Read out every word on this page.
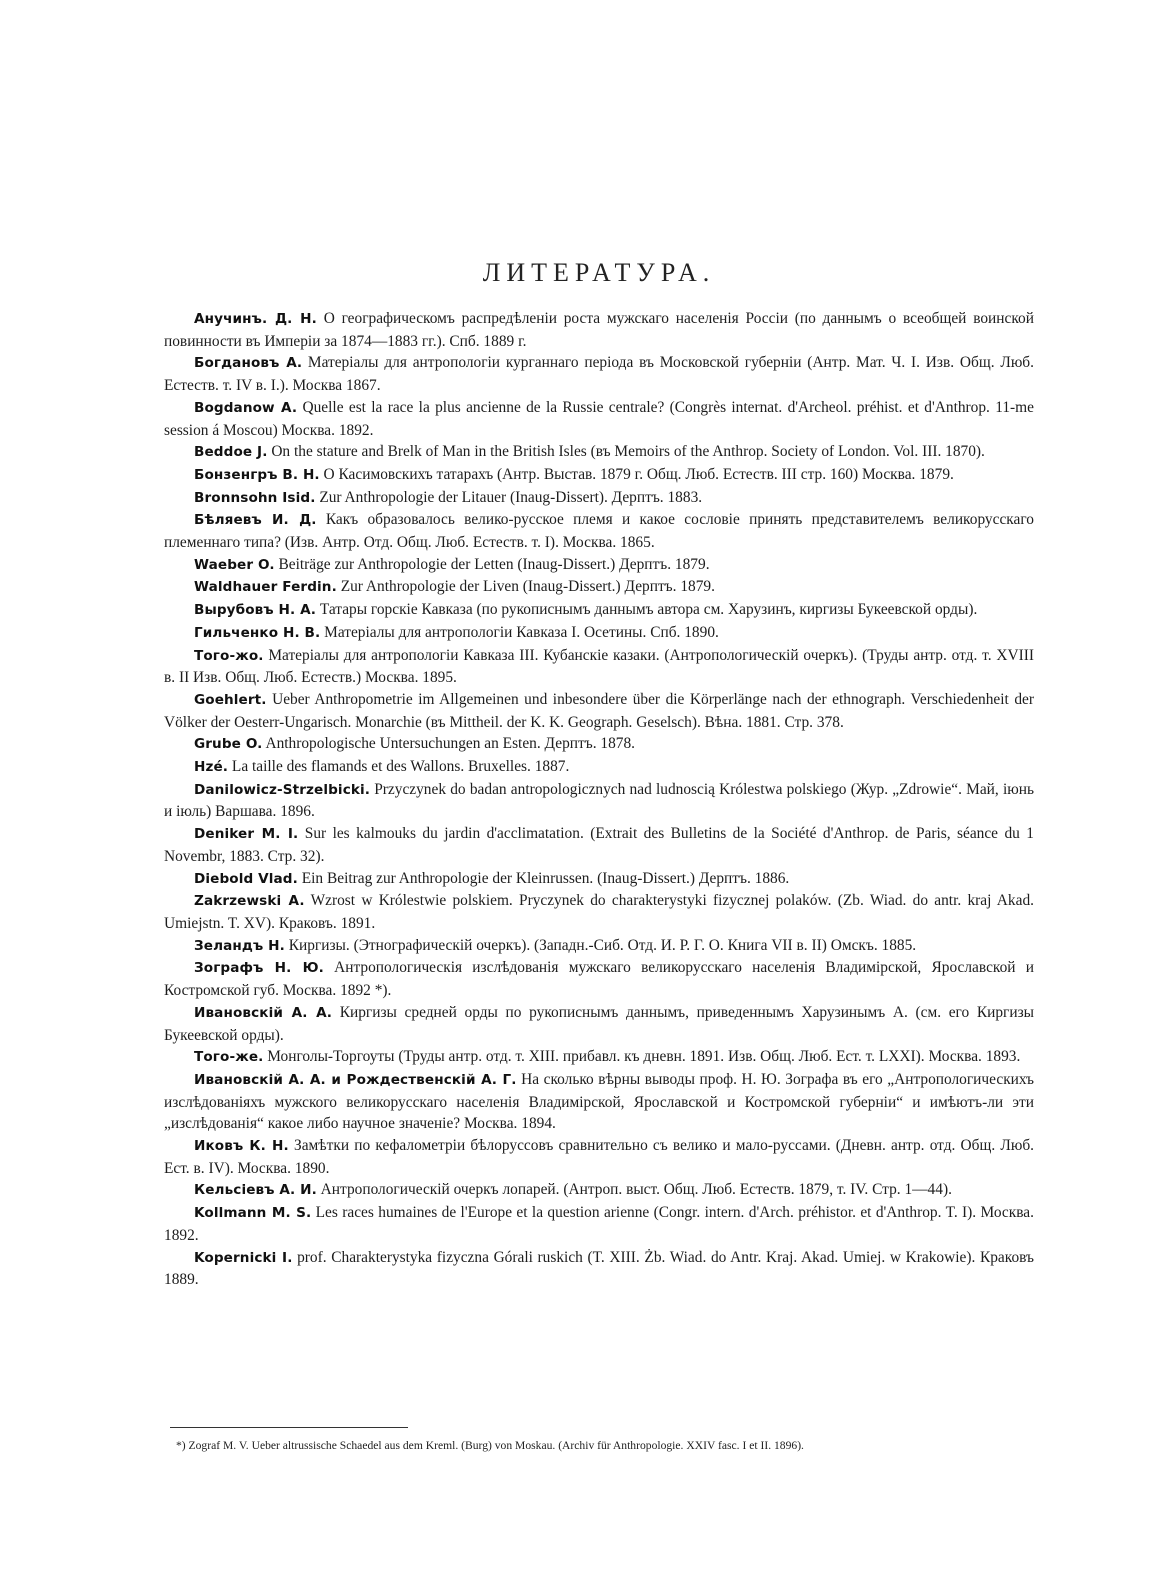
ЛИТЕРАТУРА.

Анучинъ. Д. Н. О географическомъ распредѣленіи роста мужскаго населенія Россіи (по даннымъ о всеобщей воинской повинности въ Имперіи за 1874—1883 гг.). Спб. 1889 г.

Богдановъ А. Матеріалы для антропологіи курганнаго періода въ Московской губерніи (Антр. Мат. Ч. I. Изв. Общ. Люб. Естеств. т. IV в. I.). Москва 1867.

Bogdanow A. Quelle est la race la plus ancienne de la Russie centrale? (Congrès internat. d'Archeol. préhist. et d'Anthrop. 11-me session á Moscou) Москва. 1892.

Beddoe J. On the stature and Brelk of Man in the British Isles (въ Memoirs of the Anthrop. Society of London. Vol. III. 1870).

Бонзенгръ В. Н. О Касимовскихъ татарахъ (Антр. Выстав. 1879 г. Общ. Люб. Естеств. III стр. 160) Москва. 1879.

Bronnsohn Isid. Zur Anthropologie der Litauer (Inaug-Dissert). Дерптъ. 1883.

Бѣляевъ И. Д. Какъ образовалось велико-русское племя и какое сословіе принять представителемъ великорусскаго племеннаго типа? (Изв. Антр. Отд. Общ. Люб. Естеств. т. I). Москва. 1865.

Waeber O. Beiträge zur Anthropologie der Letten (Inaug-Dissert.) Дерптъ. 1879.

Waldhauer Ferdin. Zur Anthropologie der Liven (Inaug-Dissert.) Дерптъ. 1879.

Вырубовъ Н. А. Татары горскіе Кавказа (по рукописнымъ даннымъ автора см. Харузинъ, киргизы Букеевской орды).

Гильченко Н. В. Матеріалы для антропологіи Кавказа I. Осетины. Спб. 1890.

Того-жо. Матеріалы для антропологіи Кавказа III. Кубанскіе казаки. (Антропологическій очеркъ). (Труды антр. отд. т. XVIII в. II Изв. Общ. Люб. Естеств.) Москва. 1895.

Goehlert. Ueber Anthropometrie im Allgemeinen und inbesondere über die Körperlänge nach der ethnograph. Verschiedenheit der Völker der Oesterr-Ungarisch. Monarchie (въ Mittheil. der K. K. Geograph. Geselsch). Вѣна. 1881. Стр. 378.

Grube O. Anthropologische Untersuchungen an Esten. Дерптъ. 1878.

Hzé. La taille des flamands et des Wallons. Bruxelles. 1887.

Danilowicz-Strzelbicki. Przyczynek do badan antropologicznych nad ludnoscią Królestwa polskiego (Жур. „Zdrowie“. Май, іюнь и іюль) Варшава. 1896.

Deniker M. I. Sur les kalmouks du jardin d'acclimatation. (Extrait des Bulletins de la Société d'Anthrop. de Paris, séance du 1 Novembr, 1883. Стр. 32).

Diebold Vlad. Ein Beitrag zur Anthropologie der Kleinrussen. (Inaug-Dissert.) Дерптъ. 1886.

Zakrzewski A. Wzrost w Królestwie polskiem. Pryczynek do charakterystyki fizycznej polaków. (Zb. Wiad. do antr. kraj Akad. Umiejstn. T. XV). Краковъ. 1891.

Зеландъ Н. Киргизы. (Этнографическій очеркъ). (Западн.-Сиб. Отд. И. Р. Г. О. Книга VII в. II) Омскъ. 1885.

Зографъ Н. Ю. Антропологическія изслѣдованія мужскаго великорусскаго населенія Владимірской, Ярославской и Костромской губ. Москва. 1892 *).

Ивановскій А. А. Киргизы средней орды по рукописнымъ даннымъ, приведеннымъ Харузинымъ А. (см. его Киргизы Букеевской орды).

Того-же. Монголы-Торгоуты (Труды антр. отд. т. XIII. прибавл. къ дневн. 1891. Изв. Общ. Люб. Ест. т. LXXI). Москва. 1893.

Ивановскій А. А. и Рождественскій А. Г. На сколько вѣрны выводы проф. Н. Ю. Зографа въ его „Антропологическихъ изслѣдованіяхъ мужского великорусскаго населенія Владимірской, Ярославской и Костромской губерніи“ и имѣютъ-ли эти „изслѣдованія“ какое либо научное значеніе? Москва. 1894.

Иковъ К. Н. Замѣтки по кефалометріи бѣлоруссовъ сравнительно съ велико и мало-руссами. (Дневн. антр. отд. Общ. Люб. Ест. в. IV). Москва. 1890.

Кельсіевъ А. И. Антропологическій очеркъ лопарей. (Антроп. выст. Общ. Люб. Естеств. 1879, т. IV. Стр. 1—44).

Kollmann M. S. Les races humaines de l'Europe et la question arienne (Congr. intern. d'Arch. préhistor. et d'Anthrop. T. I). Москва. 1892.

Kopernicki I. prof. Charakterystyka fizyczna Górali ruskich (T. XIII. Żb. Wiad. do Antr. Kraj. Akad. Umiej. w Krakowie). Краковъ 1889.

*) Zograf M. V. Ueber altrussische Schaedel aus dem Kreml. (Burg) von Moskau. (Archiv für Anthropologie. XXIV fasc. I et II. 1896).
